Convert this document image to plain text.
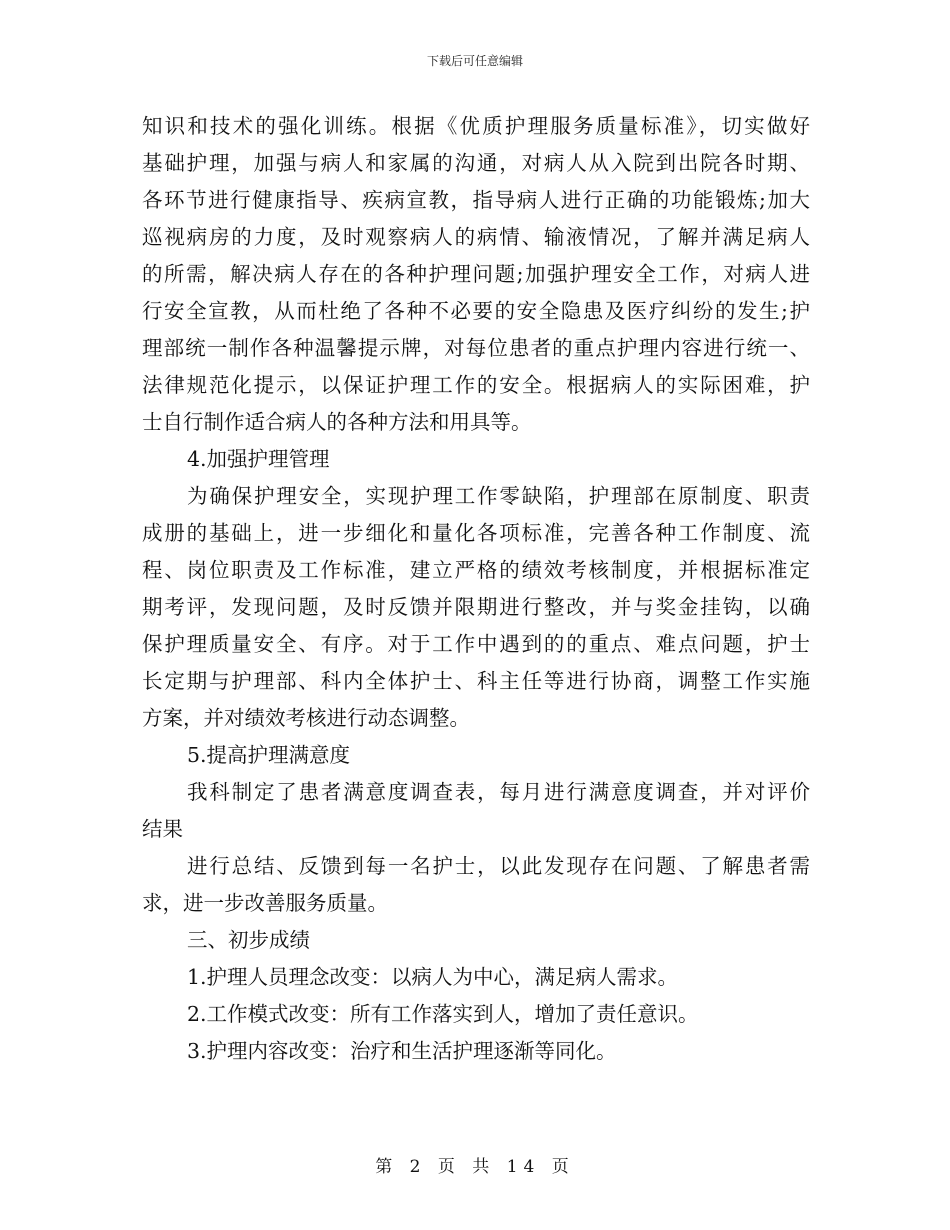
下载后可任意编辑
知识和技术的强化训练。根据《优质护理服务质量标准》，切实做好
基础护理，加强与病人和家属的沟通，对病人从入院到出院各时期、
各环节进行健康指导、疾病宣教，指导病人进行正确的功能锻炼;加大
巡视病房的力度，及时观察病人的病情、输液情况，了解并满足病人
的所需，解决病人存在的各种护理问题;加强护理安全工作，对病人进
行安全宣教，从而杜绝了各种不必要的安全隐患及医疗纠纷的发生;护
理部统一制作各种温馨提示牌，对每位患者的重点护理内容进行统一、
法律规范化提示，以保证护理工作的安全。根据病人的实际困难，护
士自行制作适合病人的各种方法和用具等。
4.加强护理管理
为确保护理安全，实现护理工作零缺陷，护理部在原制度、职责
成册的基础上，进一步细化和量化各项标准，完善各种工作制度、流
程、岗位职责及工作标准，建立严格的绩效考核制度，并根据标准定
期考评，发现问题，及时反馈并限期进行整改，并与奖金挂钩，以确
保护理质量安全、有序。对于工作中遇到的的重点、难点问题，护士
长定期与护理部、科内全体护士、科主任等进行协商，调整工作实施
方案，并对绩效考核进行动态调整。
5.提高护理满意度
我科制定了患者满意度调查表，每月进行满意度调查，并对评价
结果
进行总结、反馈到每一名护士，以此发现存在问题、了解患者需
求，进一步改善服务质量。
三、初步成绩
1.护理人员理念改变：以病人为中心，满足病人需求。
2.工作模式改变：所有工作落实到人，增加了责任意识。
3.护理内容改变：治疗和生活护理逐渐等同化。
第 2 页 共 14 页
